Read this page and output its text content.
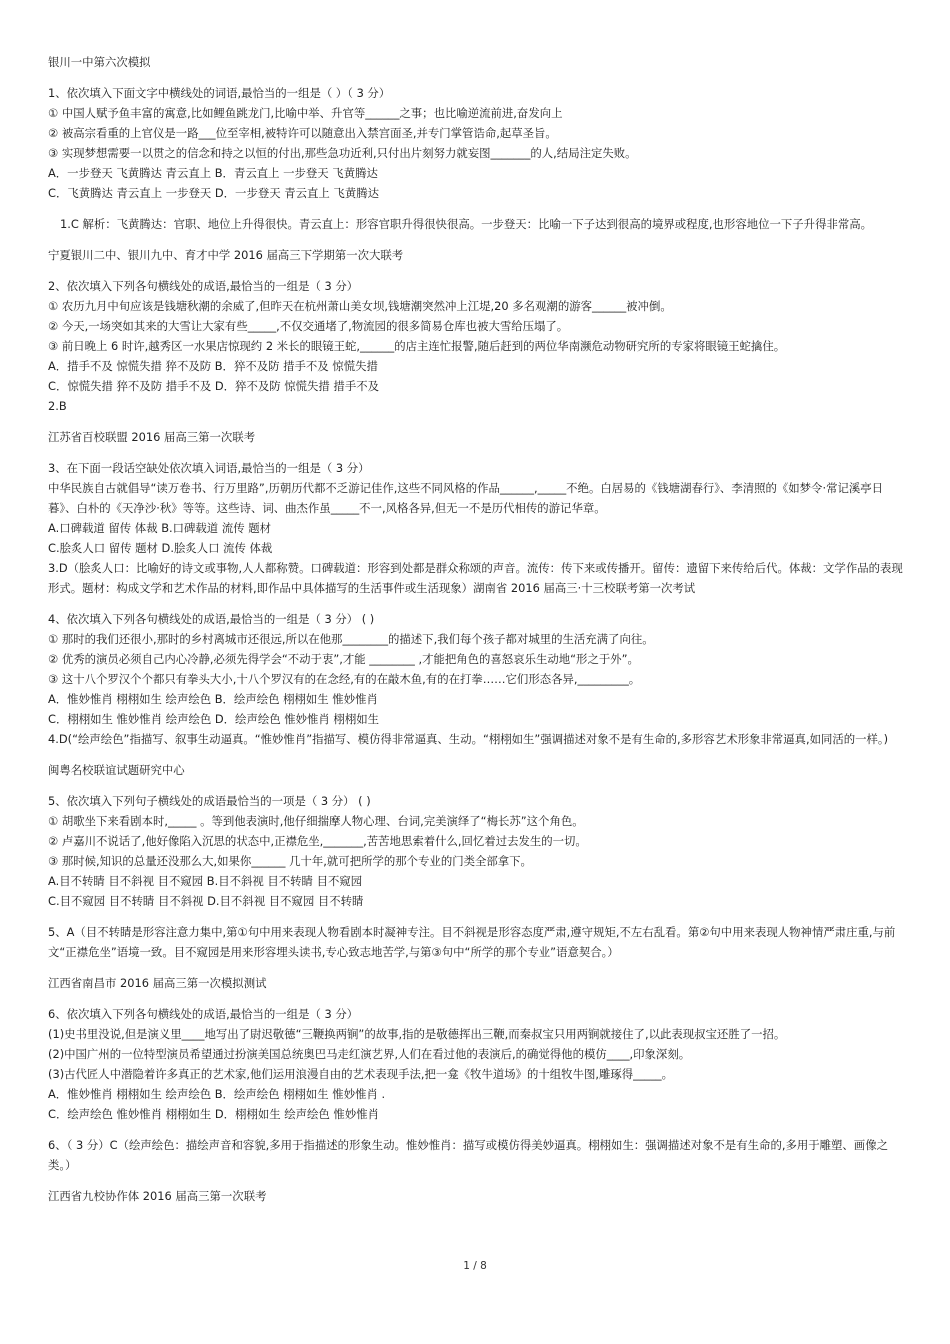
银川一中第六次模拟
1、依次填入下面文字中横线处的词语,最恰当的一组是（ ）（ 3 分）
① 中国人赋予鱼丰富的寓意,比如鲤鱼跳龙门,比喻中举、升官等______之事；也比喻逆流前进,奋发向上
② 被高宗看重的上官仪是一路___位至宰相,被特许可以随意出入禁宫面圣,并专门掌管诰命,起草圣旨。
③ 实现梦想需要一以贯之的信念和持之以恒的付出,那些急功近利,只付出片刻努力就妄图_______的人,结局注定失败。
A．一步登天 飞黄腾达 青云直上 B．青云直上 一步登天 飞黄腾达
C．飞黄腾达 青云直上 一步登天 D．一步登天 青云直上 飞黄腾达
1.C 解析：飞黄腾达：官职、地位上升得很快。青云直上：形容官职升得很快很高。一步登天：比喻一下子达到很高的境界或程度,也形容地位一下子升得非常高。
宁夏银川二中、银川九中、育才中学 2016 届高三下学期第一次大联考
2、依次填入下列各句横线处的成语,最恰当的一组是（ 3 分）
① 农历九月中旬应该是钱塘秋潮的余威了,但昨天在杭州萧山美女坝,钱塘潮突然冲上江堤,20 多名观潮的游客______被冲倒。
② 今天,一场突如其来的大雪让大家有些_____,不仅交通堵了,物流园的很多简易仓库也被大雪给压塌了。
③ 前日晚上 6 时许,越秀区一水果店惊现约 2 米长的眼镜王蛇,______的店主连忙报警,随后赶到的两位华南濒危动物研究所的专家将眼镜王蛇擒住。
A．措手不及 惊慌失措 猝不及防 B．猝不及防 措手不及 惊慌失措
C．惊慌失措 猝不及防 措手不及 D．猝不及防 惊慌失措 措手不及
2.B
江苏省百校联盟 2016 届高三第一次联考
3、在下面一段话空缺处依次填入词语,最恰当的一组是（ 3 分）
中华民族自古就倡导“读万卷书、行万里路”,历朝历代都不乏游记佳作,这些不同风格的作品______,_____不绝。白居易的《钱塘湖春行》、李清照的《如梦令·常记溪亭日暮》、白朴的《天净沙·秋》等等。这些诗、词、曲杰作虽_____不一,风格各异,但无一不是历代相传的游记华章。
A.口碑载道 留传 体裁 B.口碑载道 流传 题材
C.脍炙人口 留传 题材 D.脍炙人口 流传 体裁
3.D（脍炙人口：比喻好的诗文或事物,人人都称赞。口碑载道：形容到处都是群众称颂的声音。流传：传下来或传播开。留传：遗留下来传给后代。体裁：文学作品的表现形式。题材：构成文学和艺术作品的材料,即作品中具体描写的生活事件或生活现象）湖南省 2016 届高三·十三校联考第一次考试
4、依次填入下列各句横线处的成语,最恰当的一组是（ 3 分） ( )
① 那时的我们还很小,那时的乡村离城市还很远,所以在他那________的描述下,我们每个孩子都对城里的生活充满了向往。
② 优秀的演员必须自己内心冷静,必须先得学会“不动于衷”,才能 ________ ,才能把角色的喜怒哀乐生动地“形之于外”。
③ 这十八个罗汉个个都只有拳头大小,十八个罗汉有的在念经,有的在敲木鱼,有的在打拳……它们形态各异,_________。
A．惟妙惟肖 栩栩如生 绘声绘色 B．绘声绘色 栩栩如生 惟妙惟肖
C．栩栩如生 惟妙惟肖 绘声绘色 D．绘声绘色 惟妙惟肖 栩栩如生
4.D(“绘声绘色”指描写、叙事生动逼真。“惟妙惟肖”指描写、模仿得非常逼真、生动。“栩栩如生”强调描述对象不是有生命的,多形容艺术形象非常逼真,如同活的一样。)
闽粤名校联谊试题研究中心
5、依次填入下列句子横线处的成语最恰当的一项是（ 3 分） ( )
① 胡歌坐下来看剧本时,_____ 。等到他表演时,他仔细揣摩人物心理、台词,完美演绎了“梅长苏”这个角色。
② 卢嘉川不说话了,他好像陷入沉思的状态中,正襟危坐,_______,苦苦地思索着什么,回忆着过去发生的一切。
③ 那时候,知识的总量还没那么大,如果你______ 几十年,就可把所学的那个专业的门类全部拿下。
A.目不转睛 目不斜视 目不窥园 B.目不斜视 目不转睛 目不窥园
C.目不窥园 目不转睛 目不斜视 D.目不斜视 目不窥园 目不转睛
5、A（目不转睛是形容注意力集中,第①句中用来表现人物看剧本时凝神专注。目不斜视是形容态度严肃,遵守规矩,不左右乱看。第②句中用来表现人物神情严肃庄重,与前文“正襟危坐”语境一致。目不窥园是用来形容埋头读书,专心致志地苦学,与第③句中“所学的那个专业”语意契合。）
江西省南昌市 2016 届高三第一次模拟测试
6、依次填入下列各句横线处的成语,最恰当的一组是（ 3 分）
(1)史书里没说,但是演义里____地写出了尉迟敬德“三鞭换两锏”的故事,指的是敬德挥出三鞭,而秦叔宝只用两锏就接住了,以此表现叔宝还胜了一招。
(2)中国广州的一位特型演员希望通过扮演美国总统奥巴马走红演艺界,人们在看过他的表演后,的确觉得他的模仿____,印象深刻。
(3)古代匠人中潜隐着许多真正的艺术家,他们运用浪漫自由的艺术表现手法,把一龛《牧牛道场》的十组牧牛图,雕琢得_____。
A．惟妙惟肖 栩栩如生 绘声绘色 B．绘声绘色 栩栩如生 惟妙惟肖 .
C．绘声绘色 惟妙惟肖 栩栩如生 D．栩栩如生 绘声绘色 惟妙惟肖
6、（ 3 分）C（绘声绘色：描绘声音和容貌,多用于指描述的形象生动。惟妙惟肖：描写或模仿得美妙逼真。栩栩如生：强调描述对象不是有生命的,多用于雕塑、画像之类。）
江西省九校协作体 2016 届高三第一次联考
1 / 8
